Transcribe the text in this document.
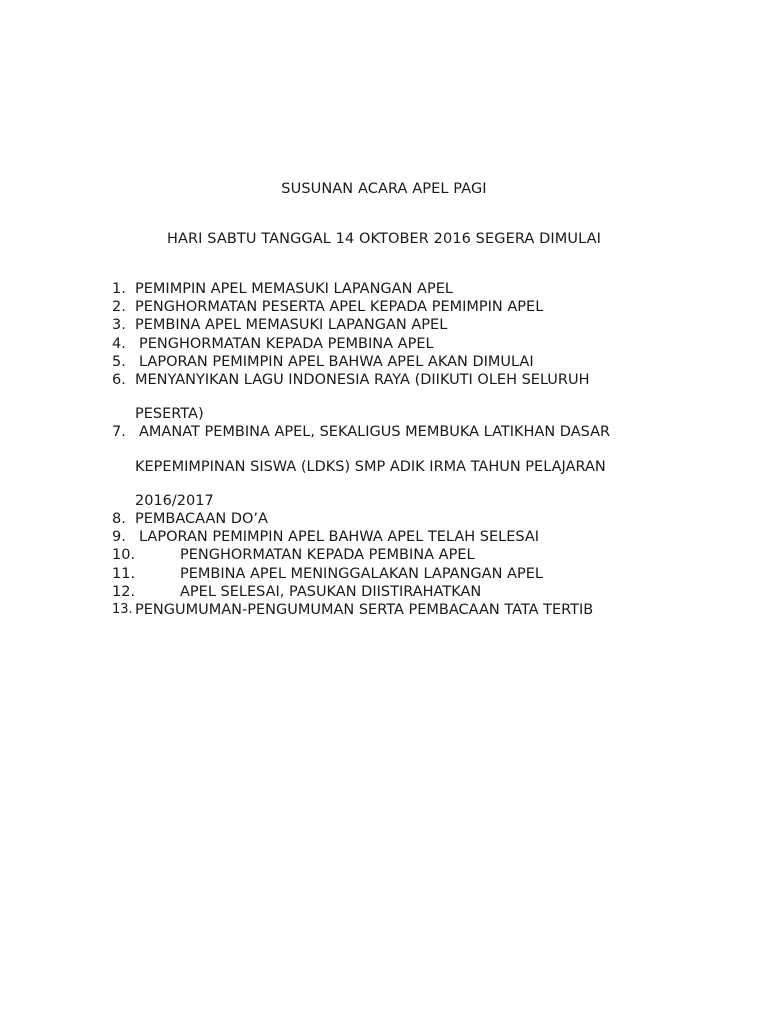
SUSUNAN ACARA APEL PAGI
HARI SABTU TANGGAL 14 OKTOBER 2016 SEGERA DIMULAI
1. PEMIMPIN APEL MEMASUKI LAPANGAN APEL
2. PENGHORMATAN PESERTA APEL KEPADA PEMIMPIN APEL
3. PEMBINA APEL MEMASUKI LAPANGAN APEL
4. PENGHORMATAN KEPADA PEMBINA APEL
5. LAPORAN PEMIMPIN APEL BAHWA APEL AKAN DIMULAI
6. MENYANYIKAN LAGU INDONESIA RAYA (DIIKUTI OLEH SELURUH
PESERTA)
7. AMANAT PEMBINA APEL, SEKALIGUS MEMBUKA LATIKHAN DASAR
KEPEMIMPINAN SISWA (LDKS) SMP ADIK IRMA TAHUN PELAJARAN
2016/2017
8. PEMBACAAN DO’A
9. LAPORAN PEMIMPIN APEL BAHWA APEL TELAH SELESAI
10.	PENGHORMATAN KEPADA PEMBINA APEL
11.	PEMBINA APEL MENINGGALAKAN LAPANGAN APEL
12.	APEL SELESAI, PASUKAN DIISTIRAHATKAN
13. PENGUMUMAN-PENGUMUMAN SERTA PEMBACAAN TATA TERTIB
